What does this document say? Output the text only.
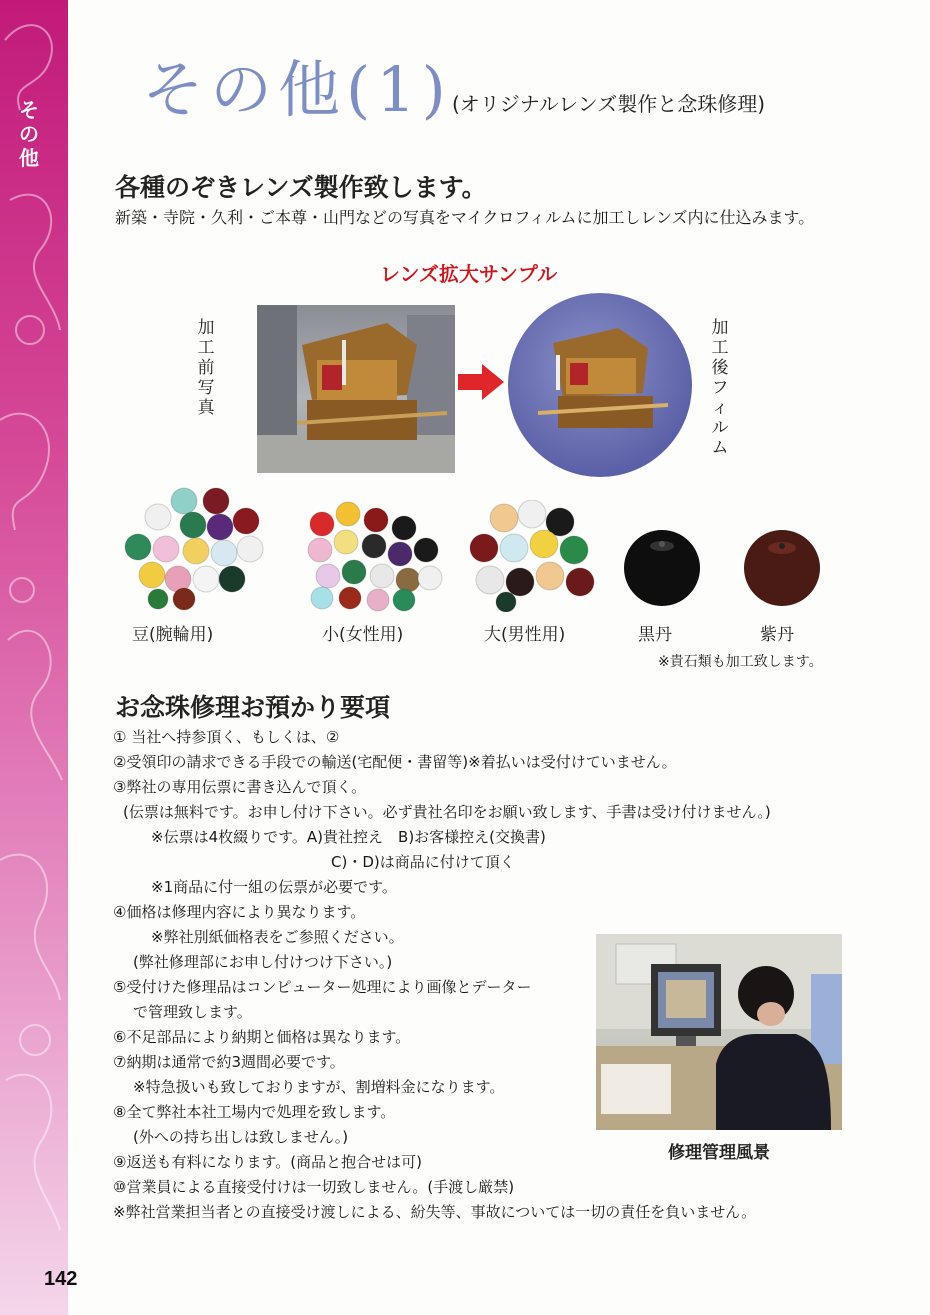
その他
142
その他(1) (オリジナルレンズ製作と念珠修理)
各種のぞきレンズ製作致します。
新築・寺院・久利・ご本尊・山門などの写真をマイクロフィルムに加工しレンズ内に仕込みます。
レンズ拡大サンプル
加工前写真
加工後フィルム
豆(腕輪用)	小(女性用)	大(男性用)	黒丹	紫丹
※貴石類も加工致します。
お念珠修理お預かり要項
① 当社へ持参頂く、もしくは、②
②受領印の請求できる手段での輸送(宅配便・書留等)※着払いは受付けていません。
③弊社の専用伝票に書き込んで頂く。
(伝票は無料です。お申し付け下さい。必ず貴社名印をお願い致します、手書は受け付けません。)
※伝票は4枚綴りです。A)貴社控え　B)お客様控え(交換書)
C)・D)は商品に付けて頂く
※1商品に付一組の伝票が必要です。
④価格は修理内容により異なります。
※弊社別紙価格表をご参照ください。
(弊社修理部にお申し付けつけ下さい。)
⑤受付けた修理品はコンピューター処理により画像とデーター
で管理致します。
⑥不足部品により納期と価格は異なります。
⑦納期は通常で約3週間必要です。
※特急扱いも致しておりますが、割増料金になります。
⑧全て弊社本社工場内で処理を致します。
(外への持ち出しは致しません。)
⑨返送も有料になります。(商品と抱合せは可)
⑩営業員による直接受付けは一切致しません。(手渡し厳禁)
※弊社営業担当者との直接受け渡しによる、紛失等、事故については一切の責任を負いません。
修理管理風景
